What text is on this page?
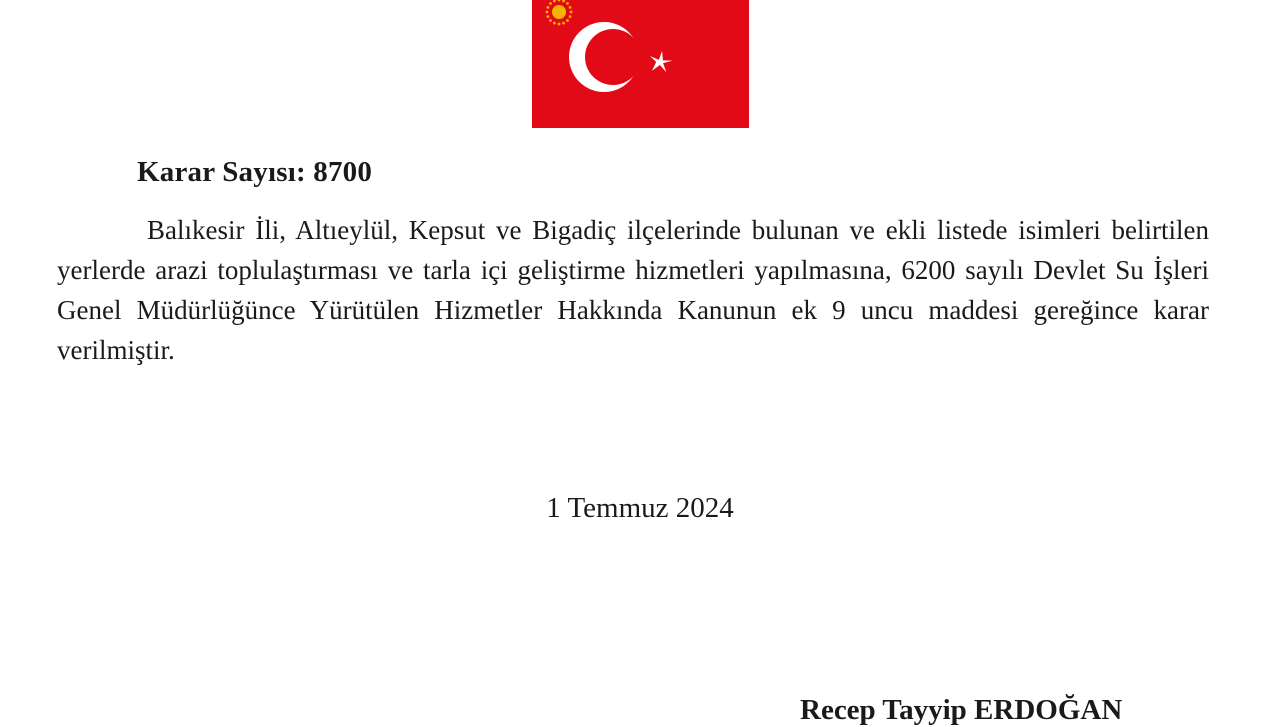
Karar Sayısı: 8700

Balıkesir İli, Altıeylül, Kepsut ve Bigadiç ilçelerinde bulunan ve ekli listede isimleri belirtilen yerlerde arazi toplulaştırması ve tarla içi geliştirme hizmetleri yapılmasına, 6200 sayılı Devlet Su İşleri Genel Müdürlüğünce Yürütülen Hizmetler Hakkında Kanunun ek 9 uncu maddesi gereğince karar verilmiştir.

1 Temmuz 2024
Recep Tayyip ERDOĞAN
